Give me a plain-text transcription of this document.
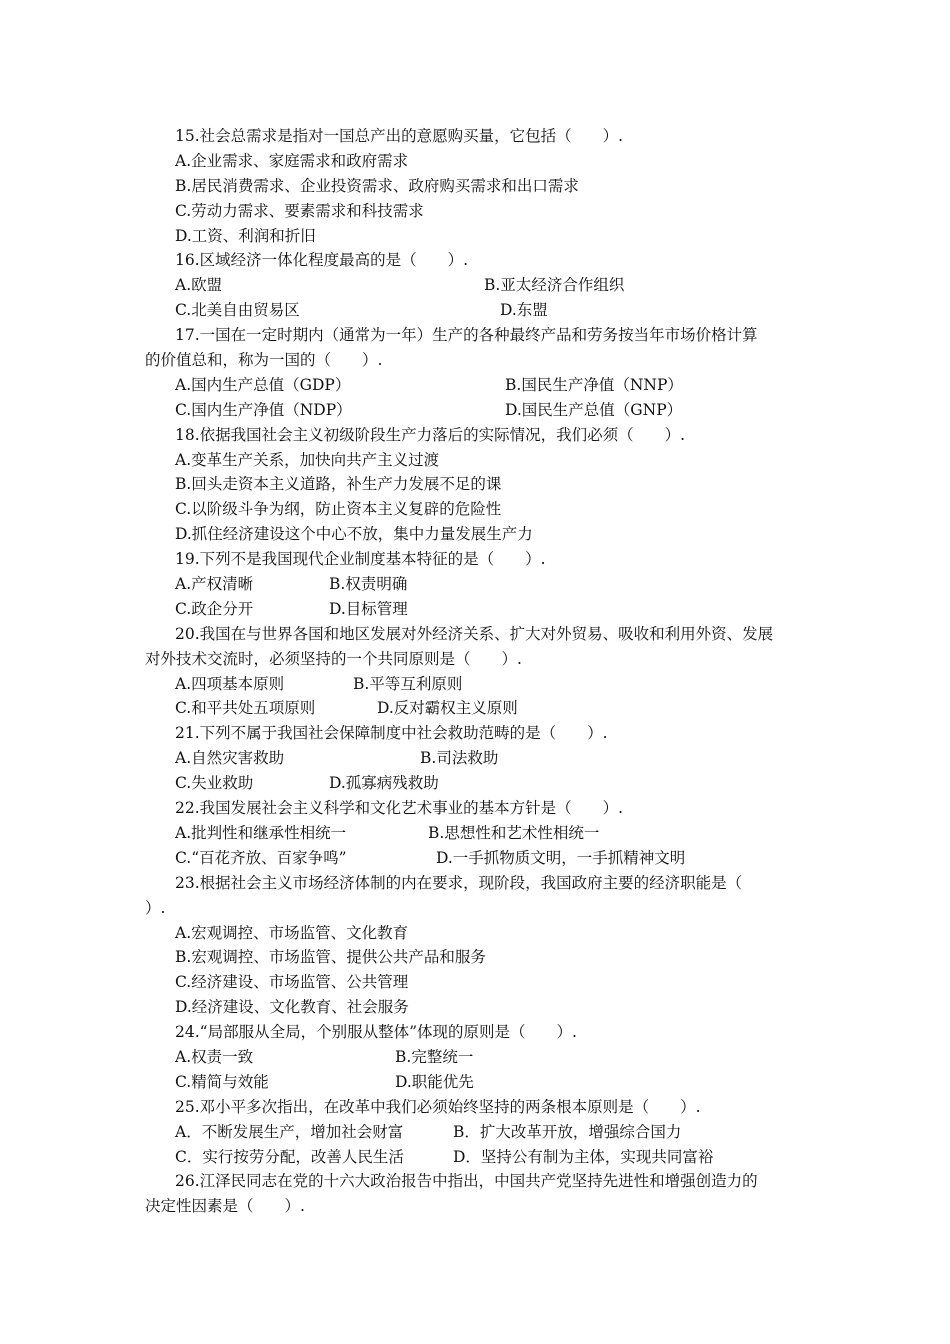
15.社会总需求是指对一国总产出的意愿购买量，它包括（　　）.
A.企业需求、家庭需求和政府需求
B.居民消费需求、企业投资需求、政府购买需求和出口需求
C.劳动力需求、要素需求和科技需求
D.工资、利润和折旧
16.区域经济一体化程度最高的是（　　）.
A.欧盟	B.亚太经济合作组织
C.北美自由贸易区	D.东盟
17.一国在一定时期内（通常为一年）生产的各种最终产品和劳务按当年市场价格计算
的价值总和，称为一国的（　　）.
A.国内生产总值（GDP）	B.国民生产净值（NNP）
C.国内生产净值（NDP）	D.国民生产总值（GNP）
18.依据我国社会主义初级阶段生产力落后的实际情况，我们必须（　　）.
A.变革生产关系，加快向共产主义过渡
B.回头走资本主义道路，补生产力发展不足的课
C.以阶级斗争为纲，防止资本主义复辟的危险性
D.抓住经济建设这个中心不放，集中力量发展生产力
19.下列不是我国现代企业制度基本特征的是（　　）.
A.产权清晰	B.权责明确
C.政企分开	D.目标管理
20.我国在与世界各国和地区发展对外经济关系、扩大对外贸易、吸收和利用外资、发展
对外技术交流时，必须坚持的一个共同原则是（　　）.
A.四项基本原则	B.平等互利原则
C.和平共处五项原则	D.反对霸权主义原则
21.下列不属于我国社会保障制度中社会救助范畴的是（　　）.
A.自然灾害救助	B.司法救助
C.失业救助	D.孤寡病残救助
22.我国发展社会主义科学和文化艺术事业的基本方针是（　　）.
A.批判性和继承性相统一	B.思想性和艺术性相统一
C.“百花齐放、百家争鸣”	D.一手抓物质文明，一手抓精神文明
23.根据社会主义市场经济体制的内在要求，现阶段，我国政府主要的经济职能是（
）.
A.宏观调控、市场监管、文化教育
B.宏观调控、市场监管、提供公共产品和服务
C.经济建设、市场监管、公共管理
D.经济建设、文化教育、社会服务
24.“局部服从全局，个别服从整体”体现的原则是（　　）.
A.权责一致	B.完整统一
C.精简与效能	D.职能优先
25.邓小平多次指出，在改革中我们必须始终坚持的两条根本原则是（　　）.
A．不断发展生产，增加社会财富	B．扩大改革开放，增强综合国力
C．实行按劳分配，改善人民生活	D．坚持公有制为主体，实现共同富裕
26.江泽民同志在党的十六大政治报告中指出，中国共产党坚持先进性和增强创造力的
决定性因素是（　　）.
